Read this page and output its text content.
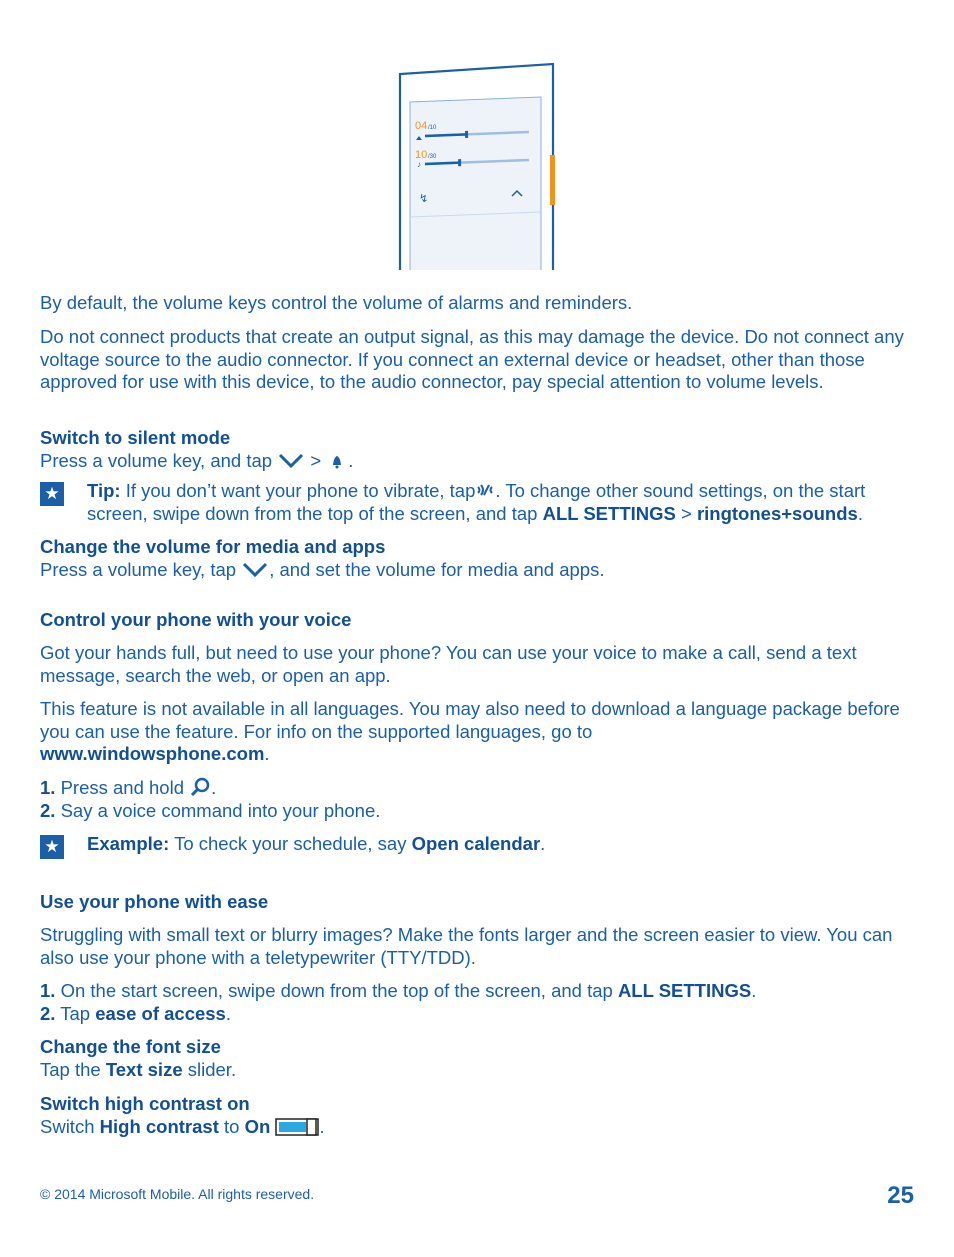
04 /10
10 /30
♪
↯
By default, the volume keys control the volume of alarms and reminders.
Do not connect products that create an output signal, as this may damage the device. Do not connect any voltage source to the audio connector. If you connect an external device or headset, other than those approved for use with this device, to the audio connector, pay special attention to volume levels.
Switch to silent mode
Press a volume key, and tap > .
★ Tip: If you don’t want your phone to vibrate, tap . To change other sound settings, on the start screen, swipe down from the top of the screen, and tap ALL SETTINGS > ringtones+sounds.
Change the volume for media and apps
Press a volume key, tap , and set the volume for media and apps.
Control your phone with your voice
Got your hands full, but need to use your phone? You can use your voice to make a call, send a text message, search the web, or open an app.
This feature is not available in all languages. You may also need to download a language package before you can use the feature. For info on the supported languages, go to
www.windowsphone.com.
1. Press and hold .
2. Say a voice command into your phone.
★ Example: To check your schedule, say Open calendar.
Use your phone with ease
Struggling with small text or blurry images? Make the fonts larger and the screen easier to view. You can also use your phone with a teletypewriter (TTY/TDD).
1. On the start screen, swipe down from the top of the screen, and tap ALL SETTINGS.
2. Tap ease of access.
Change the font size
Tap the Text size slider.
Switch high contrast on
Switch High contrast to On	.
© 2014 Microsoft Mobile. All rights reserved.	25
